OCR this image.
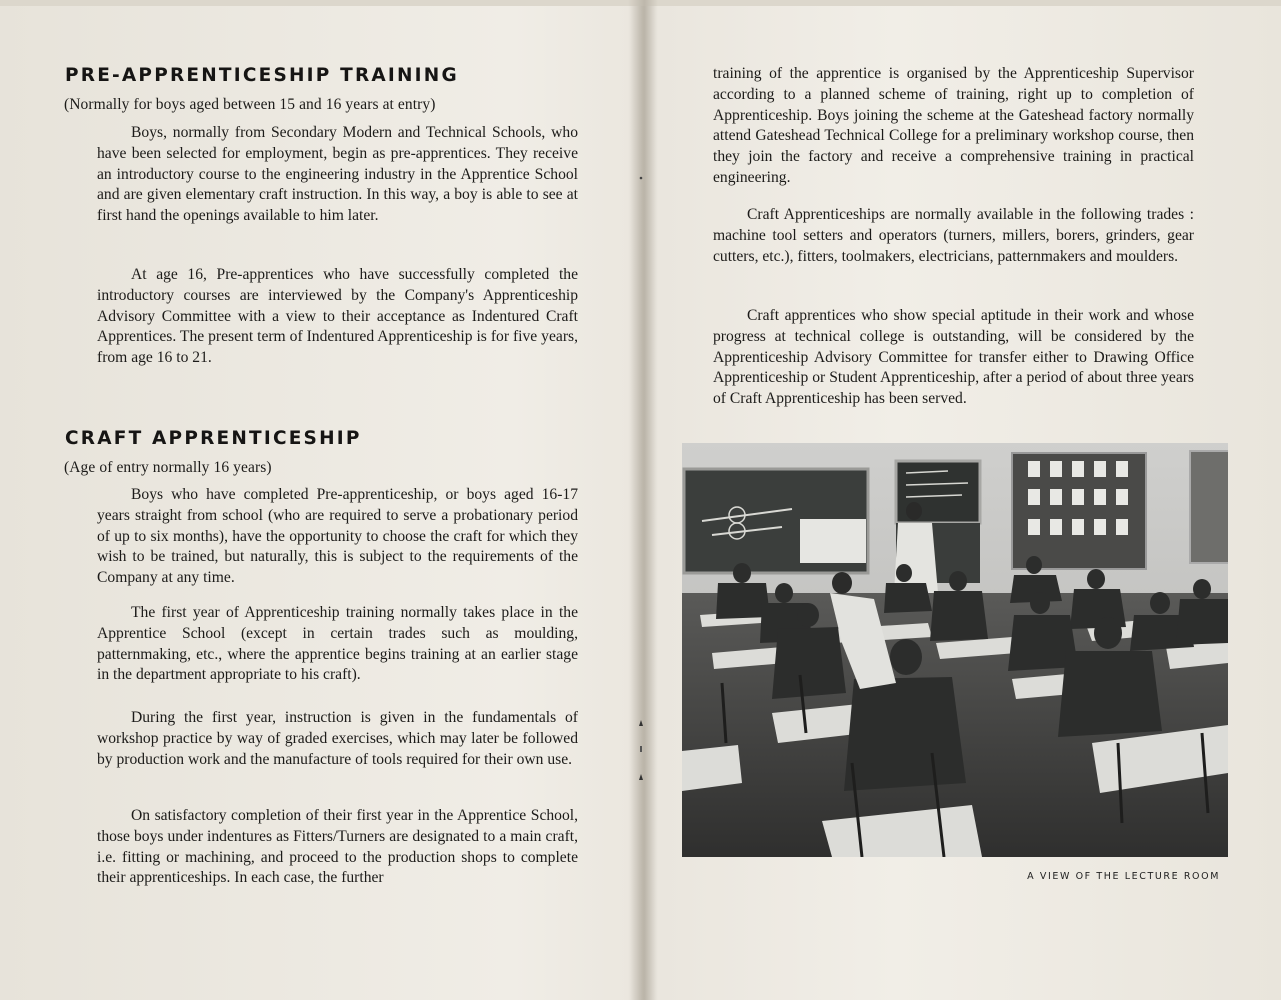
PRE-APPRENTICESHIP TRAINING

(Normally for boys aged between 15 and 16 years at entry)

Boys, normally from Secondary Modern and Technical Schools, who have been selected for employment, begin as pre-apprentices. They receive an introductory course to the engineering industry in the Apprentice School and are given elementary craft instruction. In this way, a boy is able to see at first hand the openings available to him later.

At age 16, Pre-apprentices who have successfully completed the introductory courses are interviewed by the Company's Apprenticeship Advisory Committee with a view to their acceptance as Indentured Craft Apprentices. The present term of Indentured Apprenticeship is for five years, from age 16 to 21.

CRAFT APPRENTICESHIP

(Age of entry normally 16 years)

Boys who have completed Pre-apprenticeship, or boys aged 16-17 years straight from school (who are required to serve a probationary period of up to six months), have the opportunity to choose the craft for which they wish to be trained, but naturally, this is subject to the requirements of the Company at any time.

The first year of Apprenticeship training normally takes place in the Apprentice School (except in certain trades such as moulding, patternmaking, etc., where the apprentice begins training at an earlier stage in the department appropriate to his craft).

During the first year, instruction is given in the fundamentals of workshop practice by way of graded exercises, which may later be followed by production work and the manufacture of tools required for their own use.

On satisfactory completion of their first year in the Apprentice School, those boys under indentures as Fitters/Turners are designated to a main craft, i.e. fitting or machining, and proceed to the production shops to complete their apprenticeships. In each case, the further

training of the apprentice is organised by the Apprenticeship Supervisor according to a planned scheme of training, right up to completion of Apprenticeship. Boys joining the scheme at the Gateshead factory normally attend Gateshead Technical College for a preliminary workshop course, then they join the factory and receive a comprehensive training in practical engineering.

Craft Apprenticeships are normally available in the following trades : machine tool setters and operators (turners, millers, borers, grinders, gear cutters, etc.), fitters, toolmakers, electricians, patternmakers and moulders.

Craft apprentices who show special aptitude in their work and whose progress at technical college is outstanding, will be considered by the Apprenticeship Advisory Committee for transfer either to Drawing Office Apprenticeship or Student Apprenticeship, after a period of about three years of Craft Apprenticeship has been served.

A VIEW OF THE LECTURE ROOM
